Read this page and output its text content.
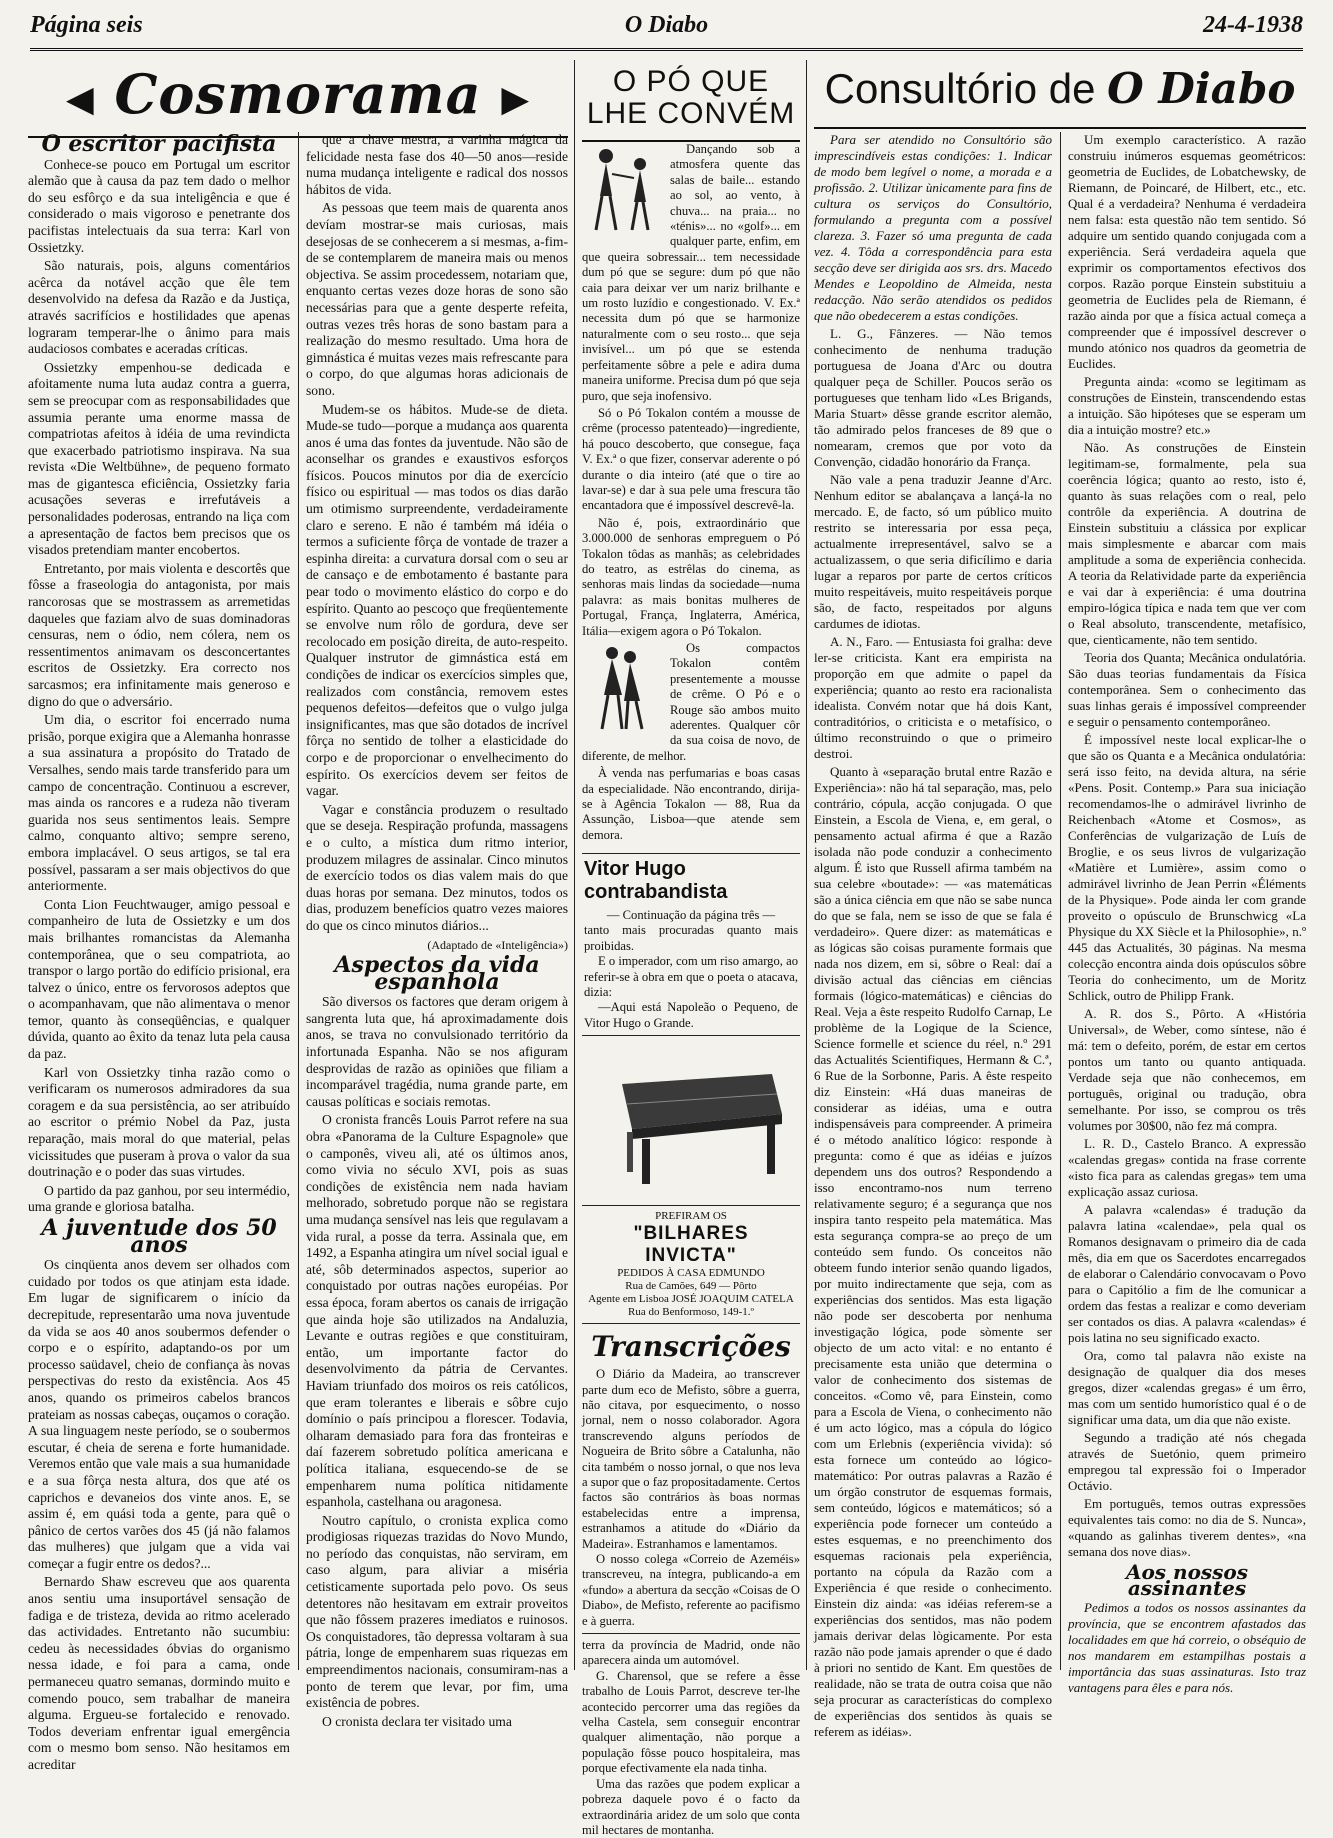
Página seis	O Diabo	24-4-1938
◀ Cosmorama ▶
O escritor pacifista

Conhece-se pouco em Portugal um escritor alemão que à causa da paz tem dado o melhor do seu esfôrço e da sua inteligência e que é considerado o mais vigoroso e penetrante dos pacifistas intelectuais da sua terra: Karl von Ossietzky.

São naturais, pois, alguns comentários acêrca da notável acção que êle tem desenvolvido na defesa da Razão e da Justiça, através sacrifícios e hostilidades que apenas lograram temperar-lhe o ânimo para mais audaciosos combates e aceradas críticas.

Ossietzky empenhou-se dedicada e afoitamente numa luta audaz contra a guerra, sem se preocupar com as responsabilidades que assumia perante uma enorme massa de compatriotas afeitos à idéia de uma revindicta que exacerbado patriotismo inspirava. Na sua revista «Die Weltbühne», de pequeno formato mas de gigantesca eficiência, Ossietzky faria acusações severas e irrefutáveis a personalidades poderosas, entrando na liça com a apresentação de factos bem precisos que os visados pretendiam manter encobertos.

Entretanto, por mais violenta e descortês que fôsse a fraseologia do antagonista, por mais rancorosas que se mostrassem as arremetidas daqueles que faziam alvo de suas dominadoras censuras, nem o ódio, nem cólera, nem os ressentimentos animavam os desconcertantes escritos de Ossietzky. Era correcto nos sarcasmos; era infinitamente mais generoso e digno do que o adversário.

Um dia, o escritor foi encerrado numa prisão, porque exigira que a Alemanha honrasse a sua assinatura a propósito do Tratado de Versalhes, sendo mais tarde transferido para um campo de concentração. Continuou a escrever, mas ainda os rancores e a rudeza não tiveram guarida nos seus sentimentos leais. Sempre calmo, conquanto altivo; sempre sereno, embora implacável. O seus artigos, se tal era possível, passaram a ser mais objectivos do que anteriormente.

Conta Lion Feuchtwauger, amigo pessoal e companheiro de luta de Ossietzky e um dos mais brilhantes romancistas da Alemanha contemporânea, que o seu compatriota, ao transpor o largo portão do edifício prisional, era talvez o único, entre os fervorosos adeptos que o acompanhavam, que não alimentava o menor temor, quanto às conseqüências, e qualquer dúvida, quanto ao êxito da tenaz luta pela causa da paz.

Karl von Ossietzky tinha razão como o verificaram os numerosos admiradores da sua coragem e da sua persistência, ao ser atribuído ao escritor o prémio Nobel da Paz, justa reparação, mais moral do que material, pelas vicissitudes que puseram à prova o valor da sua doutrinação e o poder das suas virtudes.

O partido da paz ganhou, por seu intermédio, uma grande e gloriosa batalha.

A juventude dos 50 anos

Os cinqüenta anos devem ser olhados com cuidado por todos os que atinjam esta idade. Em lugar de significarem o início da decrepitude, representarão uma nova juventude da vida se aos 40 anos soubermos defender o corpo e o espírito, adaptando-os por um processo saüdavel, cheio de confiança às novas perspectivas do resto da existência. Aos 45 anos, quando os primeiros cabelos brancos prateiam as nossas cabeças, ouçamos o coração. A sua linguagem neste período, se o soubermos escutar, é cheia de serena e forte humanidade. Veremos então que vale mais a sua humanidade e a sua fôrça nesta altura, dos que até os caprichos e devaneios dos vinte anos. E, se assim é, em quási toda a gente, para quê o pânico de certos varões dos 45 (já não falamos das mulheres) que julgam que a vida vai começar a fugir entre os dedos?...

Bernardo Shaw escreveu que aos quarenta anos sentiu uma insuportável sensação de fadiga e de tristeza, devida ao ritmo acelerado das actividades. Entretanto não sucumbiu: cedeu às necessidades óbvias do organismo nessa idade, e foi para a cama, onde permaneceu quatro semanas, dormindo muito e comendo pouco, sem trabalhar de maneira alguma. Ergueu-se fortalecido e renovado. Todos deveriam enfrentar igual emergência com o mesmo bom senso. Não hesitamos em acreditar

que a chave mestra, a varinha mágica da felicidade nesta fase dos 40—50 anos—reside numa mudança inteligente e radical dos nossos hábitos de vida.

As pessoas que teem mais de quarenta anos devíam mostrar-se mais curiosas, mais desejosas de se conhecerem a si mesmas, a-fim-de se contemplarem de maneira mais ou menos objectiva. Se assim procedessem, notariam que, enquanto certas vezes doze horas de sono são necessárias para que a gente desperte refeita, outras vezes três horas de sono bastam para a realização do mesmo resultado. Uma hora de gimnástica é muitas vezes mais refrescante para o corpo, do que algumas horas adicionais de sono.

Mudem-se os hábitos. Mude-se de dieta. Mude-se tudo—porque a mudança aos quarenta anos é uma das fontes da juventude. Não são de aconselhar os grandes e exaustivos esforços físicos. Poucos minutos por dia de exercício físico ou espiritual — mas todos os dias darão um otimismo surpreendente, verdadeiramente claro e sereno. E não é também má idéia o termos a suficiente fôrça de vontade de trazer a espinha direita: a curvatura dorsal com o seu ar de cansaço e de embotamento é bastante para pear todo o movimento elástico do corpo e do espírito. Quanto ao pescoço que freqüentemente se envolve num rôlo de gordura, deve ser recolocado em posição direita, de auto-respeito. Qualquer instrutor de gimnástica está em condições de indicar os exercícios simples que, realizados com constância, removem estes pequenos defeitos—defeitos que o vulgo julga insignificantes, mas que são dotados de incrível fôrça no sentido de tolher a elasticidade do corpo e de proporcionar o envelhecimento do espírito. Os exercícios devem ser feitos de vagar.

Vagar e constância produzem o resultado que se deseja. Respiração profunda, massagens e o culto, a mística dum ritmo interior, produzem milagres de assinalar. Cinco minutos de exercício todos os dias valem mais do que duas horas por semana. Dez minutos, todos os dias, produzem benefícios quatro vezes maiores do que os cinco minutos diários...

(Adaptado de «Inteligência»)

Aspectos da vida espanhola

São diversos os factores que deram origem à sangrenta luta que, há aproximadamente dois anos, se trava no convulsionado território da infortunada Espanha. Não se nos afiguram desprovidas de razão as opiniões que filiam a incomparável tragédia, numa grande parte, em causas políticas e sociais remotas.

O cronista francês Louis Parrot refere na sua obra «Panorama de la Culture Espagnole» que o camponês, viveu ali, até os últimos anos, como vivia no século XVI, pois as suas condições de existência nem nada haviam melhorado, sobretudo porque não se registara uma mudança sensível nas leis que regulavam a vida rural, a posse da terra. Assinala que, em 1492, a Espanha atingira um nível social igual e até, sôb determinados aspectos, superior ao conquistado por outras nações européias. Por essa época, foram abertos os canais de irrigação que ainda hoje são utilizados na Andaluzia, Levante e outras regiões e que constituiram, então, um importante factor do desenvolvimento da pátria de Cervantes. Haviam triunfado dos moiros os reis católicos, que eram tolerantes e liberais e sôbre cujo domínio o país principou a florescer. Todavia, olharam demasiado para fora das fronteiras e daí fazerem sobretudo política americana e política italiana, esquecendo-se de se empenharem numa política nitidamente espanhola, castelhana ou aragonesa.

Noutro capítulo, o cronista explica como prodigiosas riquezas trazidas do Novo Mundo, no período das conquistas, não serviram, em caso algum, para aliviar a miséria cetisticamente suportada pelo povo. Os seus detentores não hesitavam em extrair proveitos que não fôssem prazeres imediatos e ruinosos. Os conquistadores, tão depressa voltaram à sua pátria, longe de empenharem suas riquezas em empreendimentos nacionais, consumiram-nas a ponto de terem que levar, por fim, uma existência de pobres.

O cronista declara ter visitado uma

O PÓ QUE LHE CONVÉM

Dançando sob a atmosfera quente das salas de baile... estando ao sol, ao vento, à chuva... na praia... no «ténis»... no «golf»... em qualquer parte, enfim, em que queira sobressair... tem necessidade dum pó que se segure: dum pó que não caia para deixar ver um nariz brilhante e um rosto luzídio e congestionado. V. Ex.ª necessita dum pó que se harmonize naturalmente com o seu rosto... que seja invisível... um pó que se estenda perfeitamente sôbre a pele e adira duma maneira uniforme. Precisa dum pó que seja puro, que seja inofensivo.

Só o Pó Tokalon contém a mousse de crême (processo patenteado)—ingrediente, há pouco descoberto, que consegue, faça V. Ex.ª o que fizer, conservar aderente o pó durante o dia inteiro (até que o tire ao lavar-se) e dar à sua pele uma frescura tão encantadora que é impossível descrevê-la.

Não é, pois, extraordinário que 3.000.000 de senhoras empreguem o Pó Tokalon tôdas as manhãs; as celebridades do teatro, as estrêlas do cinema, as senhoras mais lindas da sociedade—numa palavra: as mais bonitas mulheres de Portugal, França, Inglaterra, América, Itália—exigem agora o Pó Tokalon.

Os compactos Tokalon contêm presentemente a mousse de crême. O Pó e o Rouge são ambos muito aderentes. Qualquer côr da sua coisa de novo, de diferente, de melhor.

À venda nas perfumarias e boas casas da especialidade. Não encontrando, dirija-se à Agência Tokalon — 88, Rua da Assunção, Lisboa—que atende sem demora.

Vitor Hugo contrabandista
— Continuação da página três —

tanto mais procuradas quanto mais proibidas.

E o imperador, com um riso amargo, ao referir-se à obra em que o poeta o atacava, dizia:

—Aqui está Napoleão o Pequeno, de Vitor Hugo o Grande.

PREFIRAM OS
"BILHARES INVICTA"
PEDIDOS À CASA EDMUNDO
Rua de Camões, 649 — Pôrto
Agente em Lisboa JOSÉ JOAQUIM CATELA
Rua do Benformoso, 149-1.º
Transcrições

O Diário da Madeira, ao transcrever parte dum eco de Mefisto, sôbre a guerra, não citava, por esquecimento, o nosso jornal, nem o nosso colaborador. Agora transcrevendo alguns períodos de Nogueira de Brito sôbre a Catalunha, não cita também o nosso jornal, o que nos leva a supor que o faz propositadamente. Certos factos são contrários às boas normas estabelecidas entre a imprensa, estranhamos a atitude do «Diário da Madeira». Estranhamos e lamentamos.

O nosso colega «Correio de Azeméis» transcreveu, na íntegra, publicando-a em «fundo» a abertura da secção «Coisas de O Diabo», de Mefisto, referente ao pacifismo e à guerra.

terra da província de Madrid, onde não aparecera ainda um automóvel.

G. Charensol, que se refere a êsse trabalho de Louis Parrot, descreve ter-lhe acontecido percorrer uma das regiões da velha Castela, sem conseguir encontrar qualquer alimentação, não porque a população fôsse pouco hospitaleira, mas porque efectivamente ela nada tinha.

Uma das razões que podem explicar a pobreza daquele povo é o facto da extraordinária aridez de um solo que conta mil hectares de montanha.

Consultório de O Diabo

Para ser atendido no Consultório são imprescindíveis estas condições: 1. Indicar de modo bem legível o nome, a morada e a profissão. 2. Utilizar ùnicamente para fins de cultura os serviços do Consultório, formulando a pregunta com a possível clareza. 3. Fazer só uma pregunta de cada vez. 4. Tôda a correspondência para esta secção deve ser dirigida aos srs. drs. Macedo Mendes e Leopoldino de Almeida, nesta redacção. Não serão atendidos os pedidos que não obedecerem a estas condições.

L. G., Fânzeres. — Não temos conhecimento de nenhuma tradução portuguesa de Joana d'Arc ou doutra qualquer peça de Schiller. Poucos serão os portugueses que tenham lido «Les Brigands, Maria Stuart» dêsse grande escritor alemão, tão admirado pelos franceses de 89 que o nomearam, cremos que por voto da Convenção, cidadão honorário da França.

Não vale a pena traduzir Jeanne d'Arc. Nenhum editor se abalançava a lançá-la no mercado. E, de facto, só um público muito restrito se interessaria por essa peça, actualmente irrepresentável, salvo se a actualizassem, o que seria dificílimo e daria lugar a reparos por parte de certos críticos muito respeitáveis, muito respeitáveis porque são, de facto, respeitados por alguns cardumes de idiotas.

A. N., Faro. — Entusiasta foi gralha: deve ler-se criticista. Kant era empirista na proporção em que admite o papel da experiência; quanto ao resto era racionalista idealista. Convém notar que há dois Kant, contraditórios, o criticista e o metafísico, o último reconstruindo o que o primeiro destroi.

Quanto à «separação brutal entre Razão e Experiência»: não há tal separação, mas, pelo contrário, cópula, acção conjugada. O que Einstein, a Escola de Viena, e, em geral, o pensamento actual afirma é que a Razão isolada não pode conduzir a conhecimento algum. É isto que Russell afirma também na sua celebre «boutade»: — «as matemáticas são a única ciência em que não se sabe nunca do que se fala, nem se isso de que se fala é verdadeiro». Quere dizer: as matemáticas e as lógicas são coisas puramente formais que nada nos dizem, em si, sôbre o Real: daí a divisão actual das ciências em ciências formais (lógico-matemáticas) e ciências do Real. Veja a êste respeito Rudolfo Carnap, Le problème de la Logique de la Science, Science formelle et science du réel, n.º 291 das Actualités Scientifiques, Hermann & C.ª, 6 Rue de la Sorbonne, Paris. A êste respeito diz Einstein: «Há duas maneiras de considerar as idéias, uma e outra indispensáveis para compreender. A primeira é o método analítico lógico: responde à pregunta: como é que as idéias e juízos dependem uns dos outros? Respondendo a isso encontramo-nos num terreno relativamente seguro; é a segurança que nos inspira tanto respeito pela matemática. Mas esta segurança compra-se ao preço de um conteúdo sem fundo. Os conceitos não obteem fundo interior senão quando ligados, por muito indirectamente que seja, com as experiências dos sentidos. Mas esta ligação não pode ser descoberta por nenhuma investigação lógica, pode sòmente ser objecto de um acto vital: e no entanto é precisamente esta união que determina o valor de conhecimento dos sistemas de conceitos. «Como vê, para Einstein, como para a Escola de Viena, o conhecimento não é um acto lógico, mas a cópula do lógico com um Erlebnis (experiência vivida): só esta fornece um conteúdo ao lógico-matemático: Por outras palavras a Razão é um órgão construtor de esquemas formais, sem conteúdo, lógicos e matemáticos; só a experiência pode fornecer um conteúdo a estes esquemas, e no preenchimento dos esquemas racionais pela experiência, portanto na cópula da Razão com a Experiência é que reside o conhecimento. Einstein diz ainda: «as idéias referem-se a experiências dos sentidos, mas não podem jamais derivar delas lògicamente. Por esta razão não pode jamais aprender o que é dado à priori no sentido de Kant. Em questões de realidade, não se trata de outra coisa que não seja procurar as características do complexo de experiências dos sentidos às quais se referem as idéias».

Um exemplo característico. A razão construiu inúmeros esquemas geométricos: geometria de Euclides, de Lobatchewsky, de Riemann, de Poincaré, de Hilbert, etc., etc. Qual é a verdadeira? Nenhuma é verdadeira nem falsa: esta questão não tem sentido. Só adquire um sentido quando conjugada com a experiência. Será verdadeira aquela que exprimir os comportamentos efectivos dos corpos. Razão porque Einstein substituiu a geometria de Euclides pela de Riemann, é razão ainda por que a física actual começa a compreender que é impossível descrever o mundo atónico nos quadros da geometria de Euclides.

Pregunta ainda: «como se legitimam as construções de Einstein, transcendendo estas a intuição. São hipóteses que se esperam um dia a intuição mostre? etc.»

Não. As construções de Einstein legitimam-se, formalmente, pela sua coerência lógica; quanto ao resto, isto é, quanto às suas relações com o real, pelo contrôle da experiência. A doutrina de Einstein substituiu a clássica por explicar mais simplesmente e abarcar com mais amplitude a soma de experiência conhecida. A teoria da Relatividade parte da experiência e vai dar à experiência: é uma doutrina empiro-lógica típica e nada tem que ver com o Real absoluto, transcendente, metafísico, que, cientìcamente, não tem sentido.

Teoria dos Quanta; Mecânica ondulatória. São duas teorias fundamentais da Física contemporânea. Sem o conhecimento das suas linhas gerais é impossível compreender e seguir o pensamento contemporâneo.

É impossível neste local explicar-lhe o que são os Quanta e a Mecânica ondulatória: será isso feito, na devida altura, na série «Pens. Posit. Contemp.» Para sua iniciação recomendamos-lhe o admirável livrinho de Reichenbach «Atome et Cosmos», as Conferências de vulgarização de Luís de Broglie, e os seus livros de vulgarização «Matière et Lumière», assim como o admirável livrinho de Jean Perrin «Éléments de la Physique». Pode ainda ler com grande proveito o opúsculo de Brunschwicg «La Physique du XX Siècle et la Philosophie», n.º 445 das Actualités, 30 páginas. Na mesma colecção encontra ainda dois opúsculos sôbre Teoria do conhecimento, um de Moritz Schlick, outro de Philipp Frank.

A. R. dos S., Pôrto. A «História Universal», de Weber, como síntese, não é má: tem o defeito, porém, de estar em certos pontos um tanto ou quanto antiquada. Verdade seja que não conhecemos, em português, original ou tradução, obra semelhante. Por isso, se comprou os três volumes por 30$00, não fez má compra.

L. R. D., Castelo Branco. A expressão «calendas gregas» contida na frase corrente «isto fica para as calendas gregas» tem uma explicação assaz curiosa.

A palavra «calendas» é tradução da palavra latina «calendae», pela qual os Romanos designavam o primeiro dia de cada mês, dia em que os Sacerdotes encarregados de elaborar o Calendário convocavam o Povo para o Capitólio a fim de lhe comunicar a ordem das festas a realizar e como deveriam ser contados os dias. A palavra «calendas» é pois latina no seu significado exacto.

Ora, como tal palavra não existe na designação de qualquer dia dos meses gregos, dizer «calendas gregas» é um êrro, mas com um sentido humorístico qual é o de significar uma data, um dia que não existe.

Segundo a tradição até nós chegada através de Suetónio, quem primeiro empregou tal expressão foi o Imperador Octávio.

Em português, temos outras expressões equivalentes tais como: no dia de S. Nunca», «quando as galinhas tiverem dentes», «na semana dos nove dias».

Aos nossos assinantes

Pedimos a todos os nossos assinantes da província, que se encontrem afastados das localidades em que há correio, o obséquio de nos mandarem em estampilhas postais a importância das suas assinaturas. Isto traz vantagens para êles e para nós.
